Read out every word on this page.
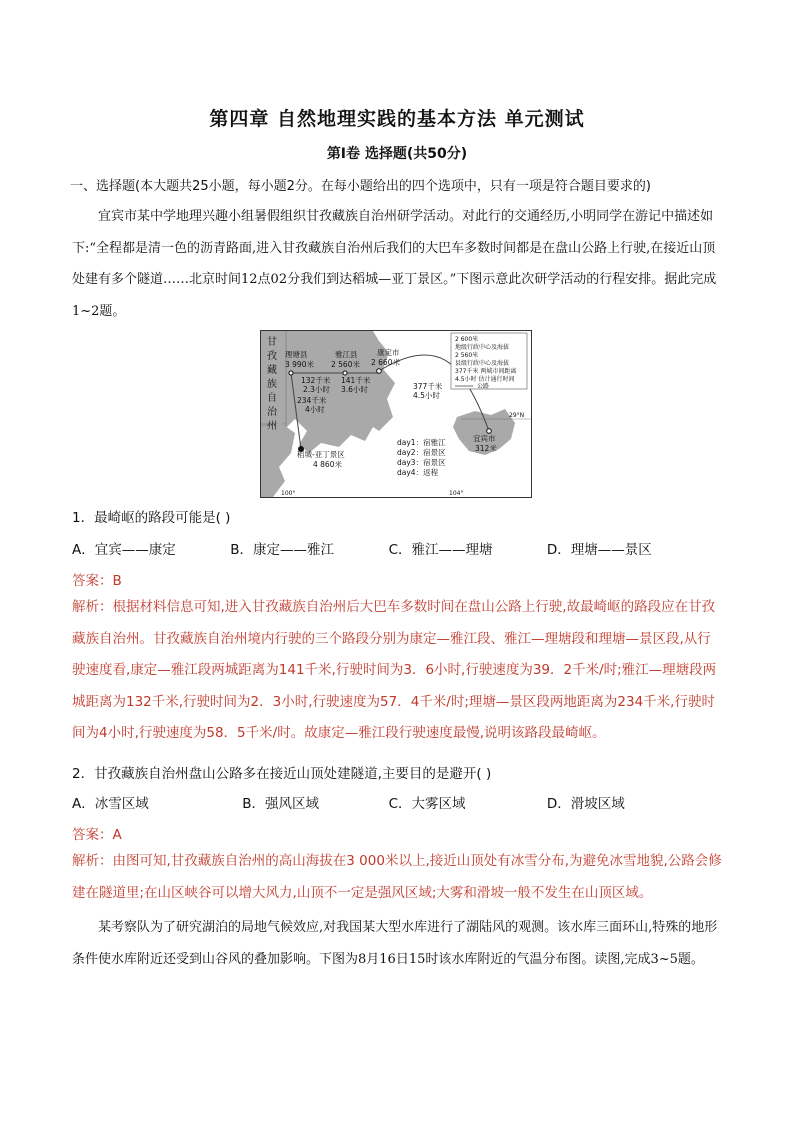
第四章 自然地理实践的基本方法 单元测试
第Ⅰ卷 选择题(共50分)
一、选择题(本大题共25小题，每小题2分。在每小题给出的四个选项中，只有一项是符合题目要求的)
宜宾市某中学地理兴趣小组暑假组织甘孜藏族自治州研学活动。对此行的交通经历,小明同学在游记中描述如下:“全程都是清一色的沥青路面,进入甘孜藏族自治州后我们的大巴车多数时间都是在盘山公路上行驶,在接近山顶处建有多个隧道……北京时间12点02分我们到达稻城—亚丁景区。”下图示意此次研学活动的行程安排。据此完成1~2题。
甘
孜
藏
族
自
治
州
理塘县
3 990米
雅江县
2 560米
康定市
2 660米
宜宾市
312米
稻城-亚丁景区
4 860米
132千米
2.3小时
141千米
3.6小时
234千米
4小时
377千米
4.5小时
2 600米
地级行政中心及海拔
2 560米
县级行政中心及海拔
377千米 两城市间距离
4.5小时 估计通行时间
公路
day1：宿雅江
day2：宿景区
day3：宿景区
day4：返程
29°N
100°	104°
1．最崎岖的路段可能是( )
A．宜宾——康定	B．康定——雅江	C．雅江——理塘	D．理塘——景区
答案：B
解析：根据材料信息可知,进入甘孜藏族自治州后大巴车多数时间在盘山公路上行驶,故最崎岖的路段应在甘孜藏族自治州。甘孜藏族自治州境内行驶的三个路段分别为康定—雅江段、雅江—理塘段和理塘—景区段,从行驶速度看,康定—雅江段两城距离为141千米,行驶时间为3．6小时,行驶速度为39．2千米/时;雅江—理塘段两城距离为132千米,行驶时间为2．3小时,行驶速度为57．4千米/时;理塘—景区段两地距离为234千米,行驶时间为4小时,行驶速度为58．5千米/时。故康定—雅江段行驶速度最慢,说明该路段最崎岖。
2．甘孜藏族自治州盘山公路多在接近山顶处建隧道,主要目的是避开( )
A．冰雪区域	B．强风区域	C．大雾区域	D．滑坡区域
答案：A
解析：由图可知,甘孜藏族自治州的高山海拔在3 000米以上,接近山顶处有冰雪分布,为避免冰雪地貌,公路会修建在隧道里;在山区峡谷可以增大风力,山顶不一定是强风区域;大雾和滑坡一般不发生在山顶区域。
某考察队为了研究湖泊的局地气候效应,对我国某大型水库进行了湖陆风的观测。该水库三面环山,特殊的地形条件使水库附近还受到山谷风的叠加影响。下图为8月16日15时该水库附近的气温分布图。读图,完成3~5题。
